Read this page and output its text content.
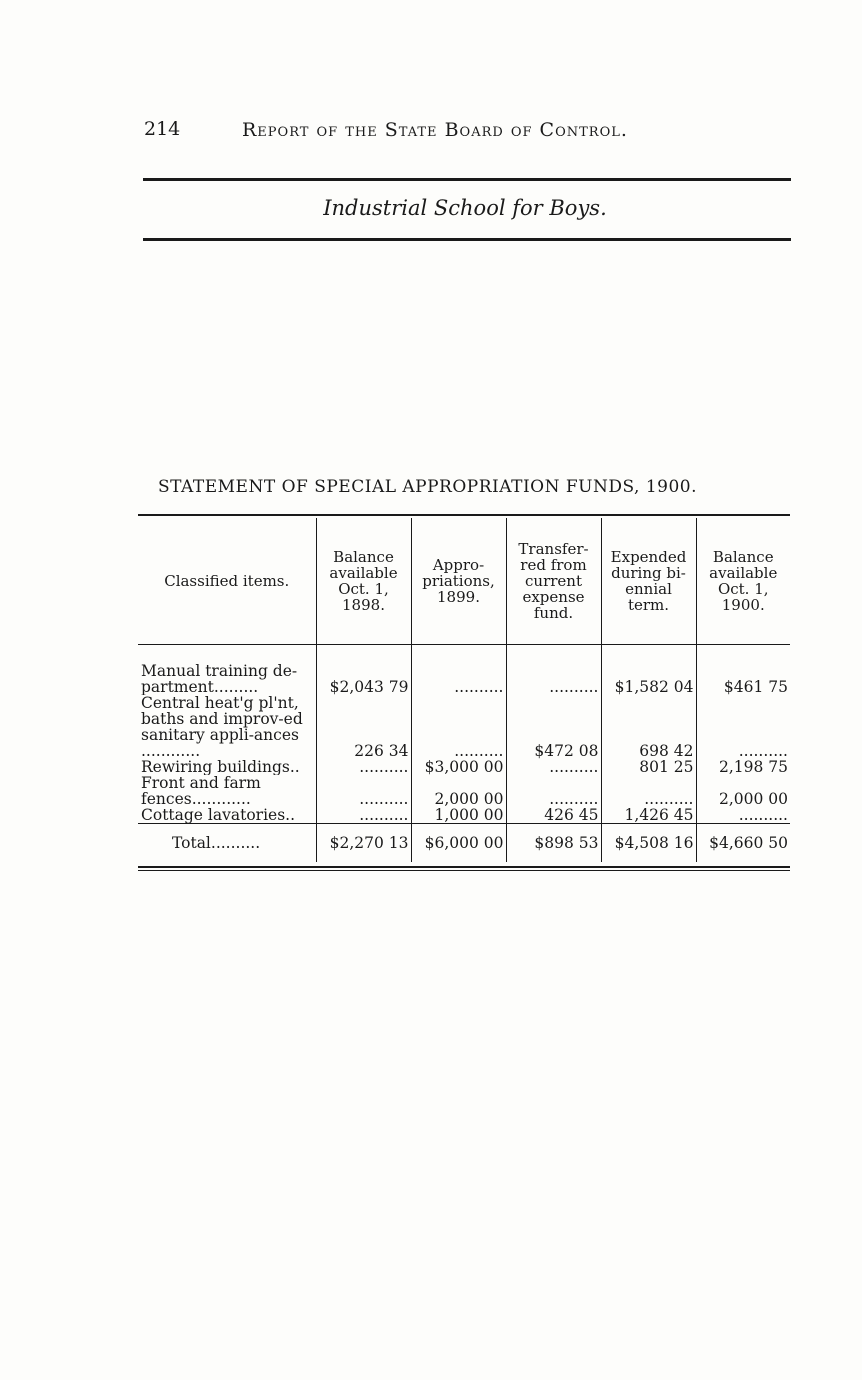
214	Report of the State Board of Control.
Industrial School for Boys.
STATEMENT OF SPECIAL APPROPRIATION FUNDS, 1900.
Classified items.	Balance available Oct. 1, 1898.	Appro-priations, 1899.	Transfer-red from current expense fund.	Expended during bi-ennial term.	Balance available Oct. 1, 1900.

Manual training de-partment.........	$2,043 79	..........	..........	$1,582 04	$461 75
Central heat'g pl'nt, baths and improv-ed sanitary appli-ances ............	226 34	..........	$472 08	698 42	..........
Rewiring buildings..	..........	$3,000 00	..........	801 25	2,198 75
Front and farm fences............	..........	2,000 00	..........	..........	2,000 00
Cottage lavatories..	..........	1,000 00	426 45	1,426 45	..........
Total..........	$2,270 13	$6,000 00	$898 53	$4,508 16	$4,660 50
